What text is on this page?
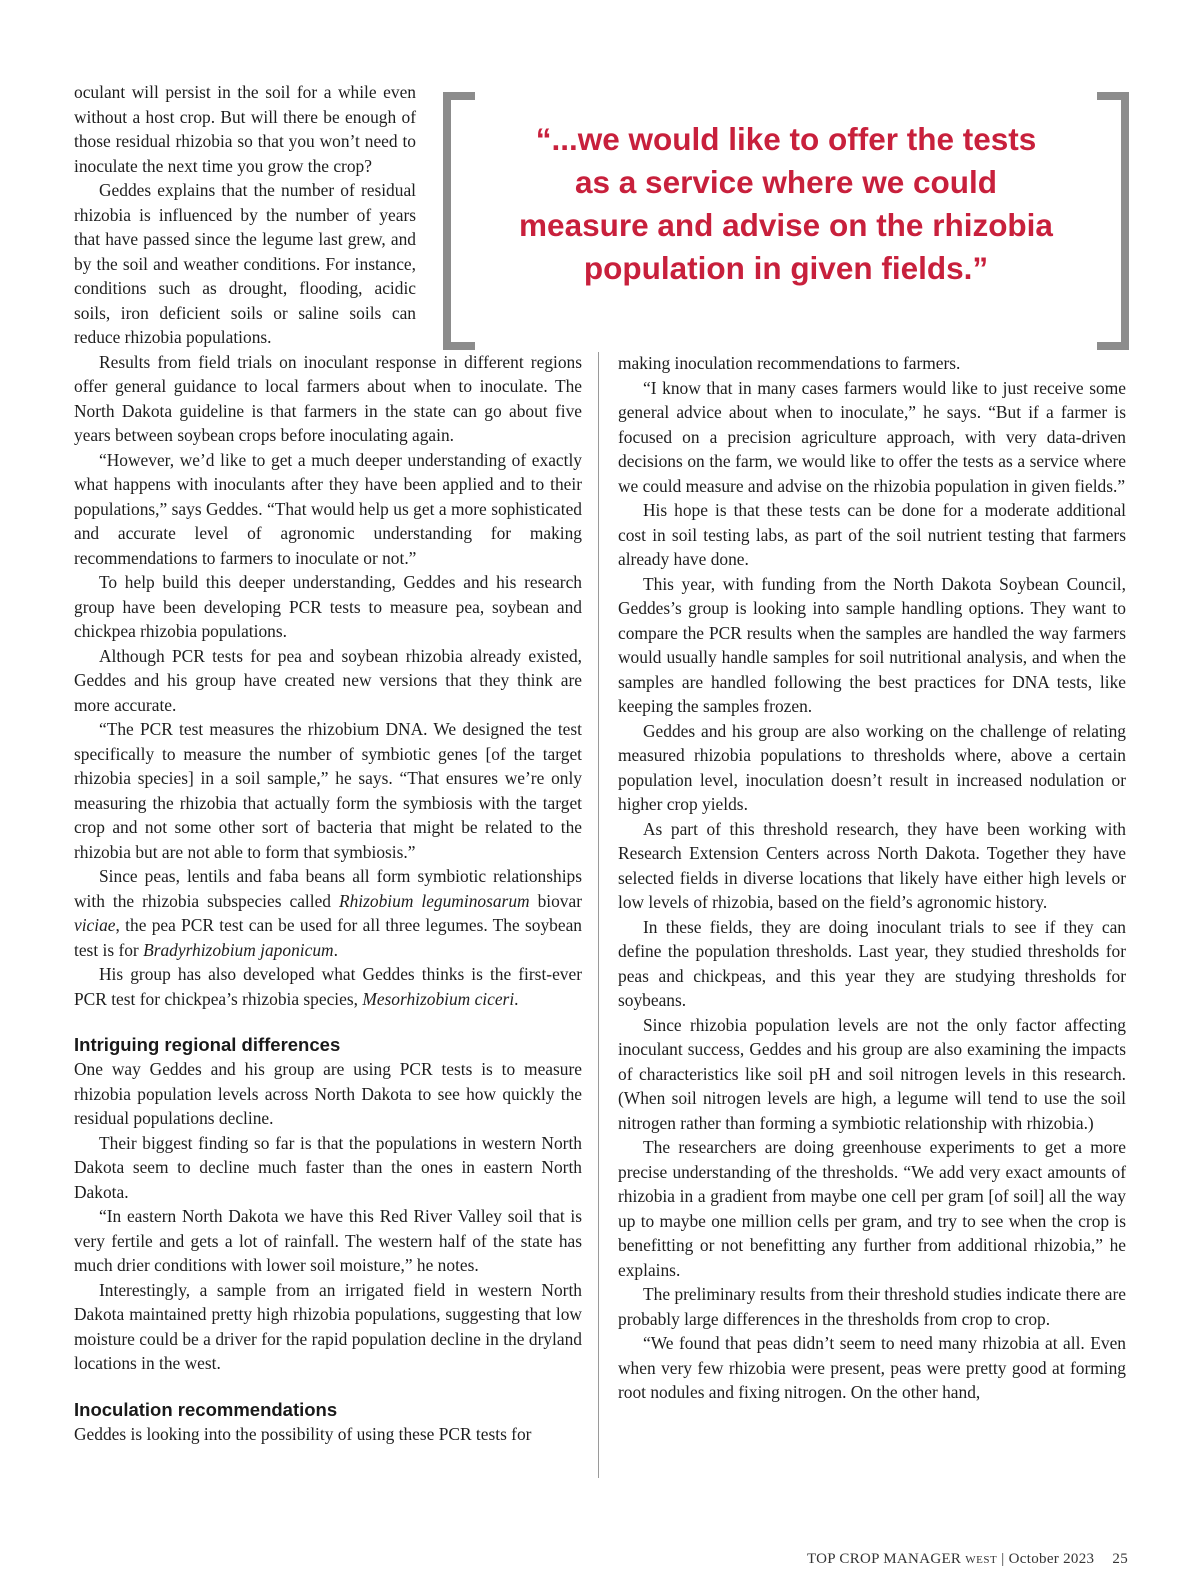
“...we would like to offer the tests
as a service where we could
measure and advise on the rhizobia
population in given fields.”

oculant will persist in the soil for a while even without a host crop. But will there be enough of those residual rhizobia so that you won’t need to inoculate the next time you grow the crop?

Geddes explains that the number of residual rhizobia is influenced by the number of years that have passed since the legume last grew, and by the soil and weather conditions. For instance, conditions such as drought, flooding, acidic soils, iron deficient soils or saline soils can reduce rhizobia populations.

Results from field trials on inoculant response in different regions offer general guidance to local farmers about when to inoculate. The North Dakota guideline is that farmers in the state can go about five years between soybean crops before inoculating again.

“However, we’d like to get a much deeper understanding of exactly what happens with inoculants after they have been applied and to their populations,” says Geddes. “That would help us get a more sophisticated and accurate level of agronomic understanding for making recommendations to farmers to inoculate or not.”

To help build this deeper understanding, Geddes and his research group have been developing PCR tests to measure pea, soybean and chickpea rhizobia populations.

Although PCR tests for pea and soybean rhizobia already existed, Geddes and his group have created new versions that they think are more accurate.

“The PCR test measures the rhizobium DNA. We designed the test specifically to measure the number of symbiotic genes [of the target rhizobia species] in a soil sample,” he says. “That ensures we’re only measuring the rhizobia that actually form the symbiosis with the target crop and not some other sort of bacteria that might be related to the rhizobia but are not able to form that symbiosis.”

Since peas, lentils and faba beans all form symbiotic relationships with the rhizobia subspecies called Rhizobium leguminosarum biovar viciae, the pea PCR test can be used for all three legumes. The soybean test is for Bradyrhizobium japonicum.

His group has also developed what Geddes thinks is the first-ever PCR test for chickpea’s rhizobia species, Mesorhizobium ciceri.

Intriguing regional differences

One way Geddes and his group are using PCR tests is to measure rhizobia population levels across North Dakota to see how quickly the residual populations decline.

Their biggest finding so far is that the populations in western North Dakota seem to decline much faster than the ones in eastern North Dakota.

“In eastern North Dakota we have this Red River Valley soil that is very fertile and gets a lot of rainfall. The western half of the state has much drier conditions with lower soil moisture,” he notes.

Interestingly, a sample from an irrigated field in western North Dakota maintained pretty high rhizobia populations, suggesting that low moisture could be a driver for the rapid population decline in the dryland locations in the west.

Inoculation recommendations

Geddes is looking into the possibility of using these PCR tests for

making inoculation recommendations to farmers.

“I know that in many cases farmers would like to just receive some general advice about when to inoculate,” he says. “But if a farmer is focused on a precision agriculture approach, with very data-driven decisions on the farm, we would like to offer the tests as a service where we could measure and advise on the rhizobia population in given fields.”

His hope is that these tests can be done for a moderate additional cost in soil testing labs, as part of the soil nutrient testing that farmers already have done.

This year, with funding from the North Dakota Soybean Council, Geddes’s group is looking into sample handling options. They want to compare the PCR results when the samples are handled the way farmers would usually handle samples for soil nutritional analysis, and when the samples are handled following the best practices for DNA tests, like keeping the samples frozen.

Geddes and his group are also working on the challenge of relating measured rhizobia populations to thresholds where, above a certain population level, inoculation doesn’t result in increased nodulation or higher crop yields.

As part of this threshold research, they have been working with Research Extension Centers across North Dakota. Together they have selected fields in diverse locations that likely have either high levels or low levels of rhizobia, based on the field’s agronomic history.

In these fields, they are doing inoculant trials to see if they can define the population thresholds. Last year, they studied thresholds for peas and chickpeas, and this year they are studying thresholds for soybeans.

Since rhizobia population levels are not the only factor affecting inoculant success, Geddes and his group are also examining the impacts of characteristics like soil pH and soil nitrogen levels in this research. (When soil nitrogen levels are high, a legume will tend to use the soil nitrogen rather than forming a symbiotic relationship with rhizobia.)

The researchers are doing greenhouse experiments to get a more precise understanding of the thresholds. “We add very exact amounts of rhizobia in a gradient from maybe one cell per gram [of soil] all the way up to maybe one million cells per gram, and try to see when the crop is benefitting or not benefitting any further from additional rhizobia,” he explains.

The preliminary results from their threshold studies indicate there are probably large differences in the thresholds from crop to crop.

“We found that peas didn’t seem to need many rhizobia at all. Even when very few rhizobia were present, peas were pretty good at forming root nodules and fixing nitrogen. On the other hand,

TOP CROP MANAGER WEST | October 2023 25
